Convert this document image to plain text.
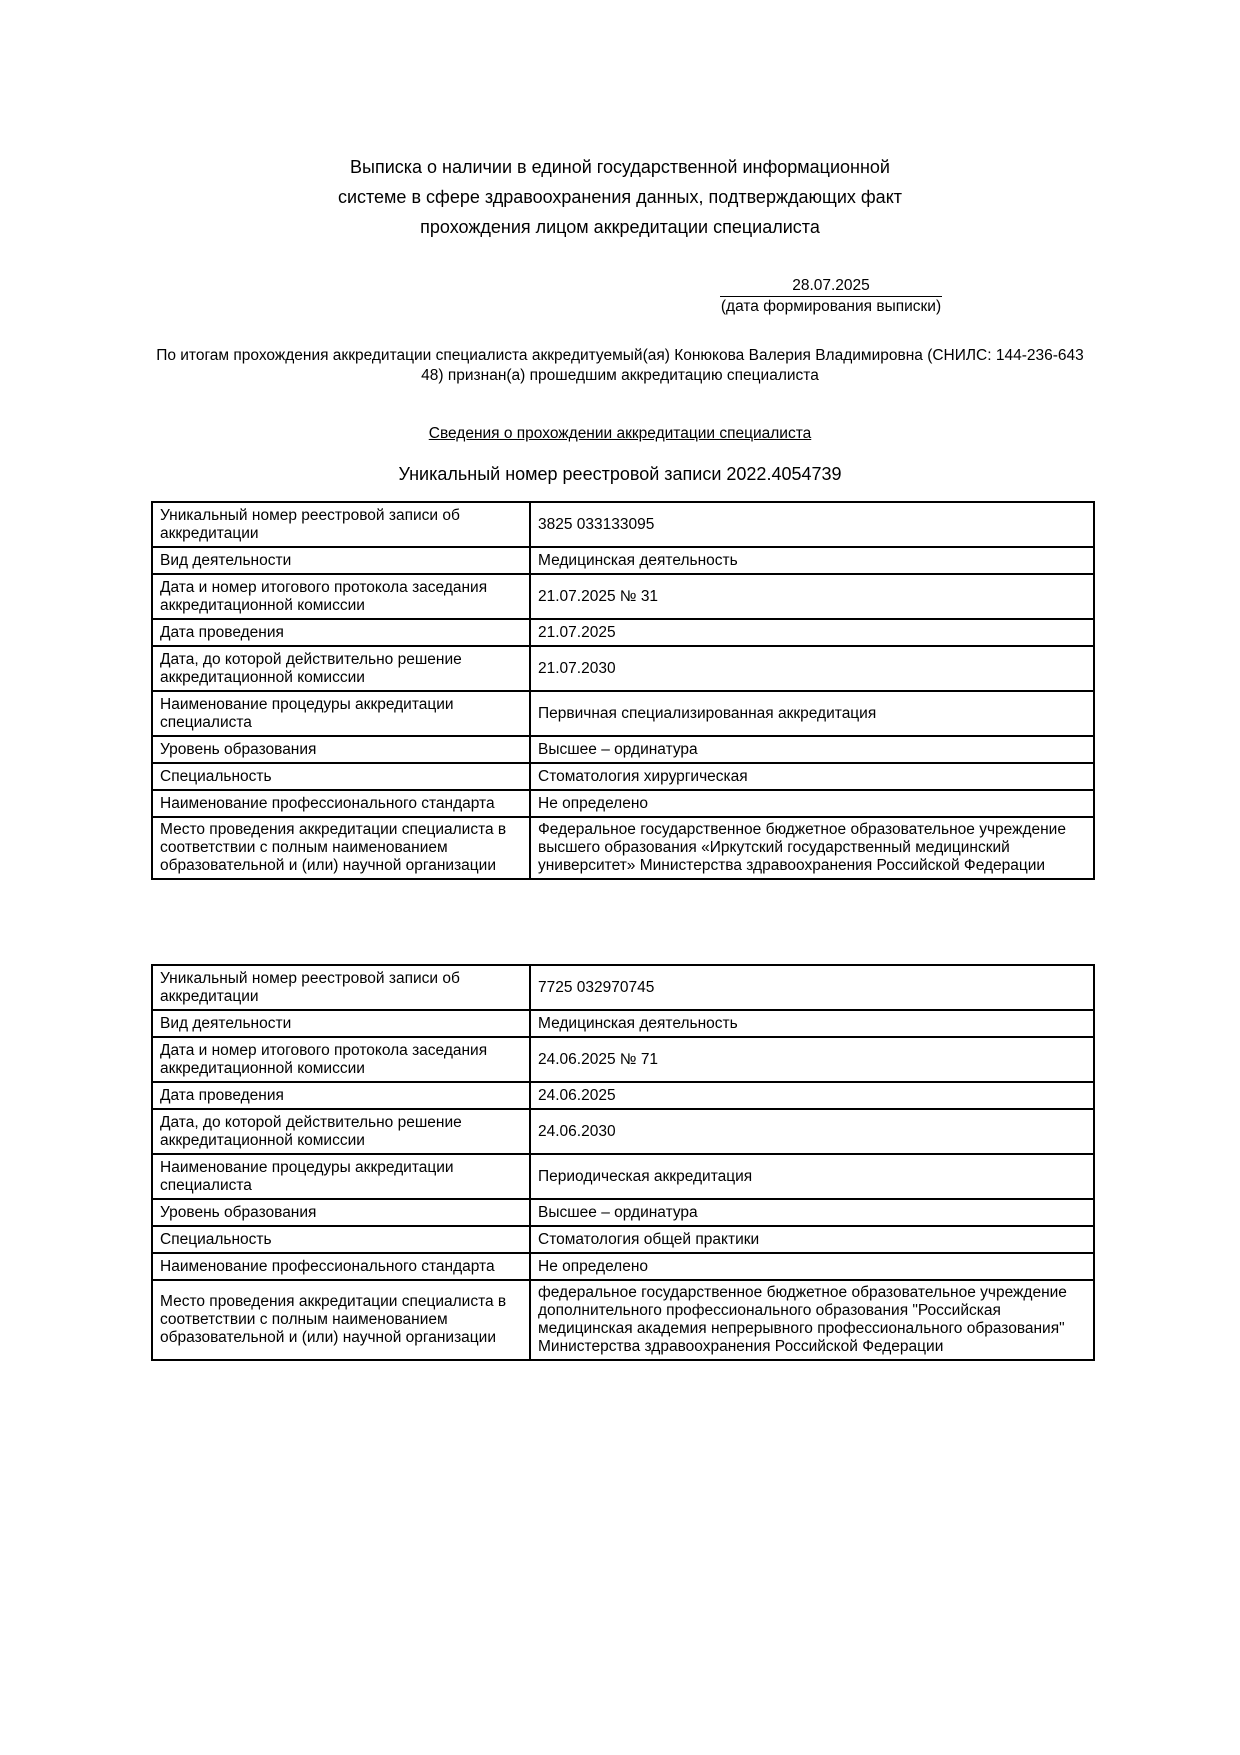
Выписка о наличии в единой государственной информационной
системе в сфере здравоохранения данных, подтверждающих факт
прохождения лицом аккредитации специалиста
28.07.2025
(дата формирования выписки)
По итогам прохождения аккредитации специалиста аккредитуемый(ая) Конюкова Валерия Владимировна (СНИЛС: 144-236-643
48) признан(а) прошедшим аккредитацию специалиста
Сведения о прохождении аккредитации специалиста
Уникальный номер реестровой записи 2022.4054739
Уникальный номер реестровой записи об аккредитации	3825 033133095
Вид деятельности	Медицинская деятельность
Дата и номер итогового протокола заседания аккредитационной комиссии	21.07.2025 № 31
Дата проведения	21.07.2025
Дата, до которой действительно решение аккредитационной комиссии	21.07.2030
Наименование процедуры аккредитации специалиста	Первичная специализированная аккредитация
Уровень образования	Высшее – ординатура
Специальность	Стоматология хирургическая
Наименование профессионального стандарта	Не определено
Место проведения аккредитации специалиста в соответствии с полным наименованием образовательной и (или) научной организации	Федеральное государственное бюджетное образовательное учреждение высшего образования «Иркутский государственный медицинский университет» Министерства здравоохранения Российской Федерации
Уникальный номер реестровой записи об аккредитации	7725 032970745
Вид деятельности	Медицинская деятельность
Дата и номер итогового протокола заседания аккредитационной комиссии	24.06.2025 № 71
Дата проведения	24.06.2025
Дата, до которой действительно решение аккредитационной комиссии	24.06.2030
Наименование процедуры аккредитации специалиста	Периодическая аккредитация
Уровень образования	Высшее – ординатура
Специальность	Стоматология общей практики
Наименование профессионального стандарта	Не определено
Место проведения аккредитации специалиста в соответствии с полным наименованием образовательной и (или) научной организации	федеральное государственное бюджетное образовательное учреждение дополнительного профессионального образования "Российская медицинская академия непрерывного профессионального образования" Министерства здравоохранения Российской Федерации
